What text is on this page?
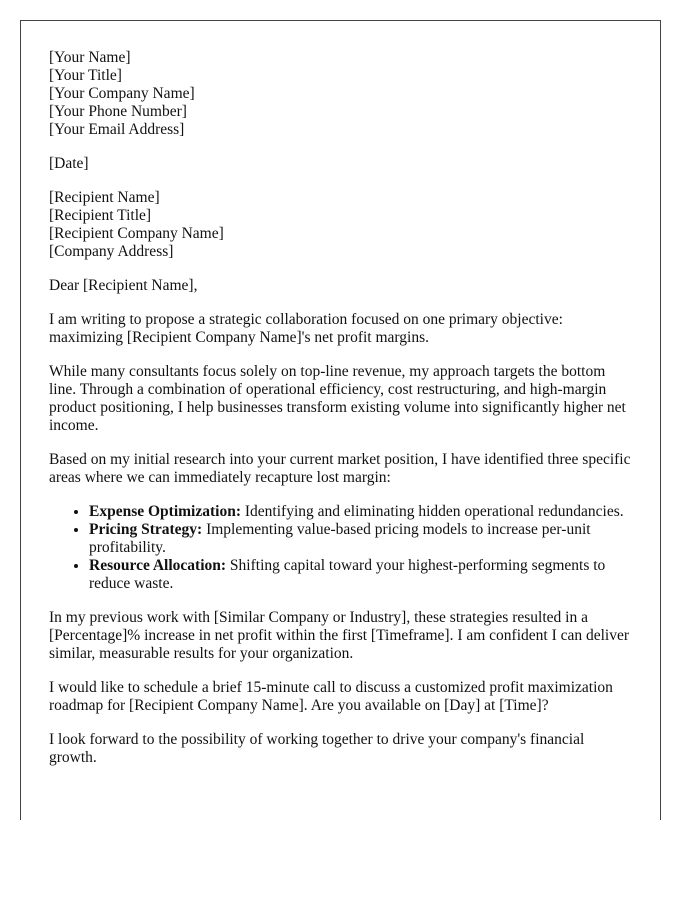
[Your Name]
[Your Title]
[Your Company Name]
[Your Phone Number]
[Your Email Address]
[Date]
[Recipient Name]
[Recipient Title]
[Recipient Company Name]
[Company Address]

Dear [Recipient Name],

I am writing to propose a strategic collaboration focused on one primary objective: maximizing [Recipient Company Name]'s net profit margins.

While many consultants focus solely on top-line revenue, my approach targets the bottom line. Through a combination of operational efficiency, cost restructuring, and high-margin product positioning, I help businesses transform existing volume into significantly higher net income.

Based on my initial research into your current market position, I have identified three specific areas where we can immediately recapture lost margin:

• Expense Optimization: Identifying and eliminating hidden operational redundancies.
• Pricing Strategy: Implementing value-based pricing models to increase per-unit profitability.
• Resource Allocation: Shifting capital toward your highest-performing segments to reduce waste.

In my previous work with [Similar Company or Industry], these strategies resulted in a [Percentage]% increase in net profit within the first [Timeframe]. I am confident I can deliver similar, measurable results for your organization.

I would like to schedule a brief 15-minute call to discuss a customized profit maximization roadmap for [Recipient Company Name]. Are you available on [Day] at [Time]?

I look forward to the possibility of working together to drive your company's financial growth.
